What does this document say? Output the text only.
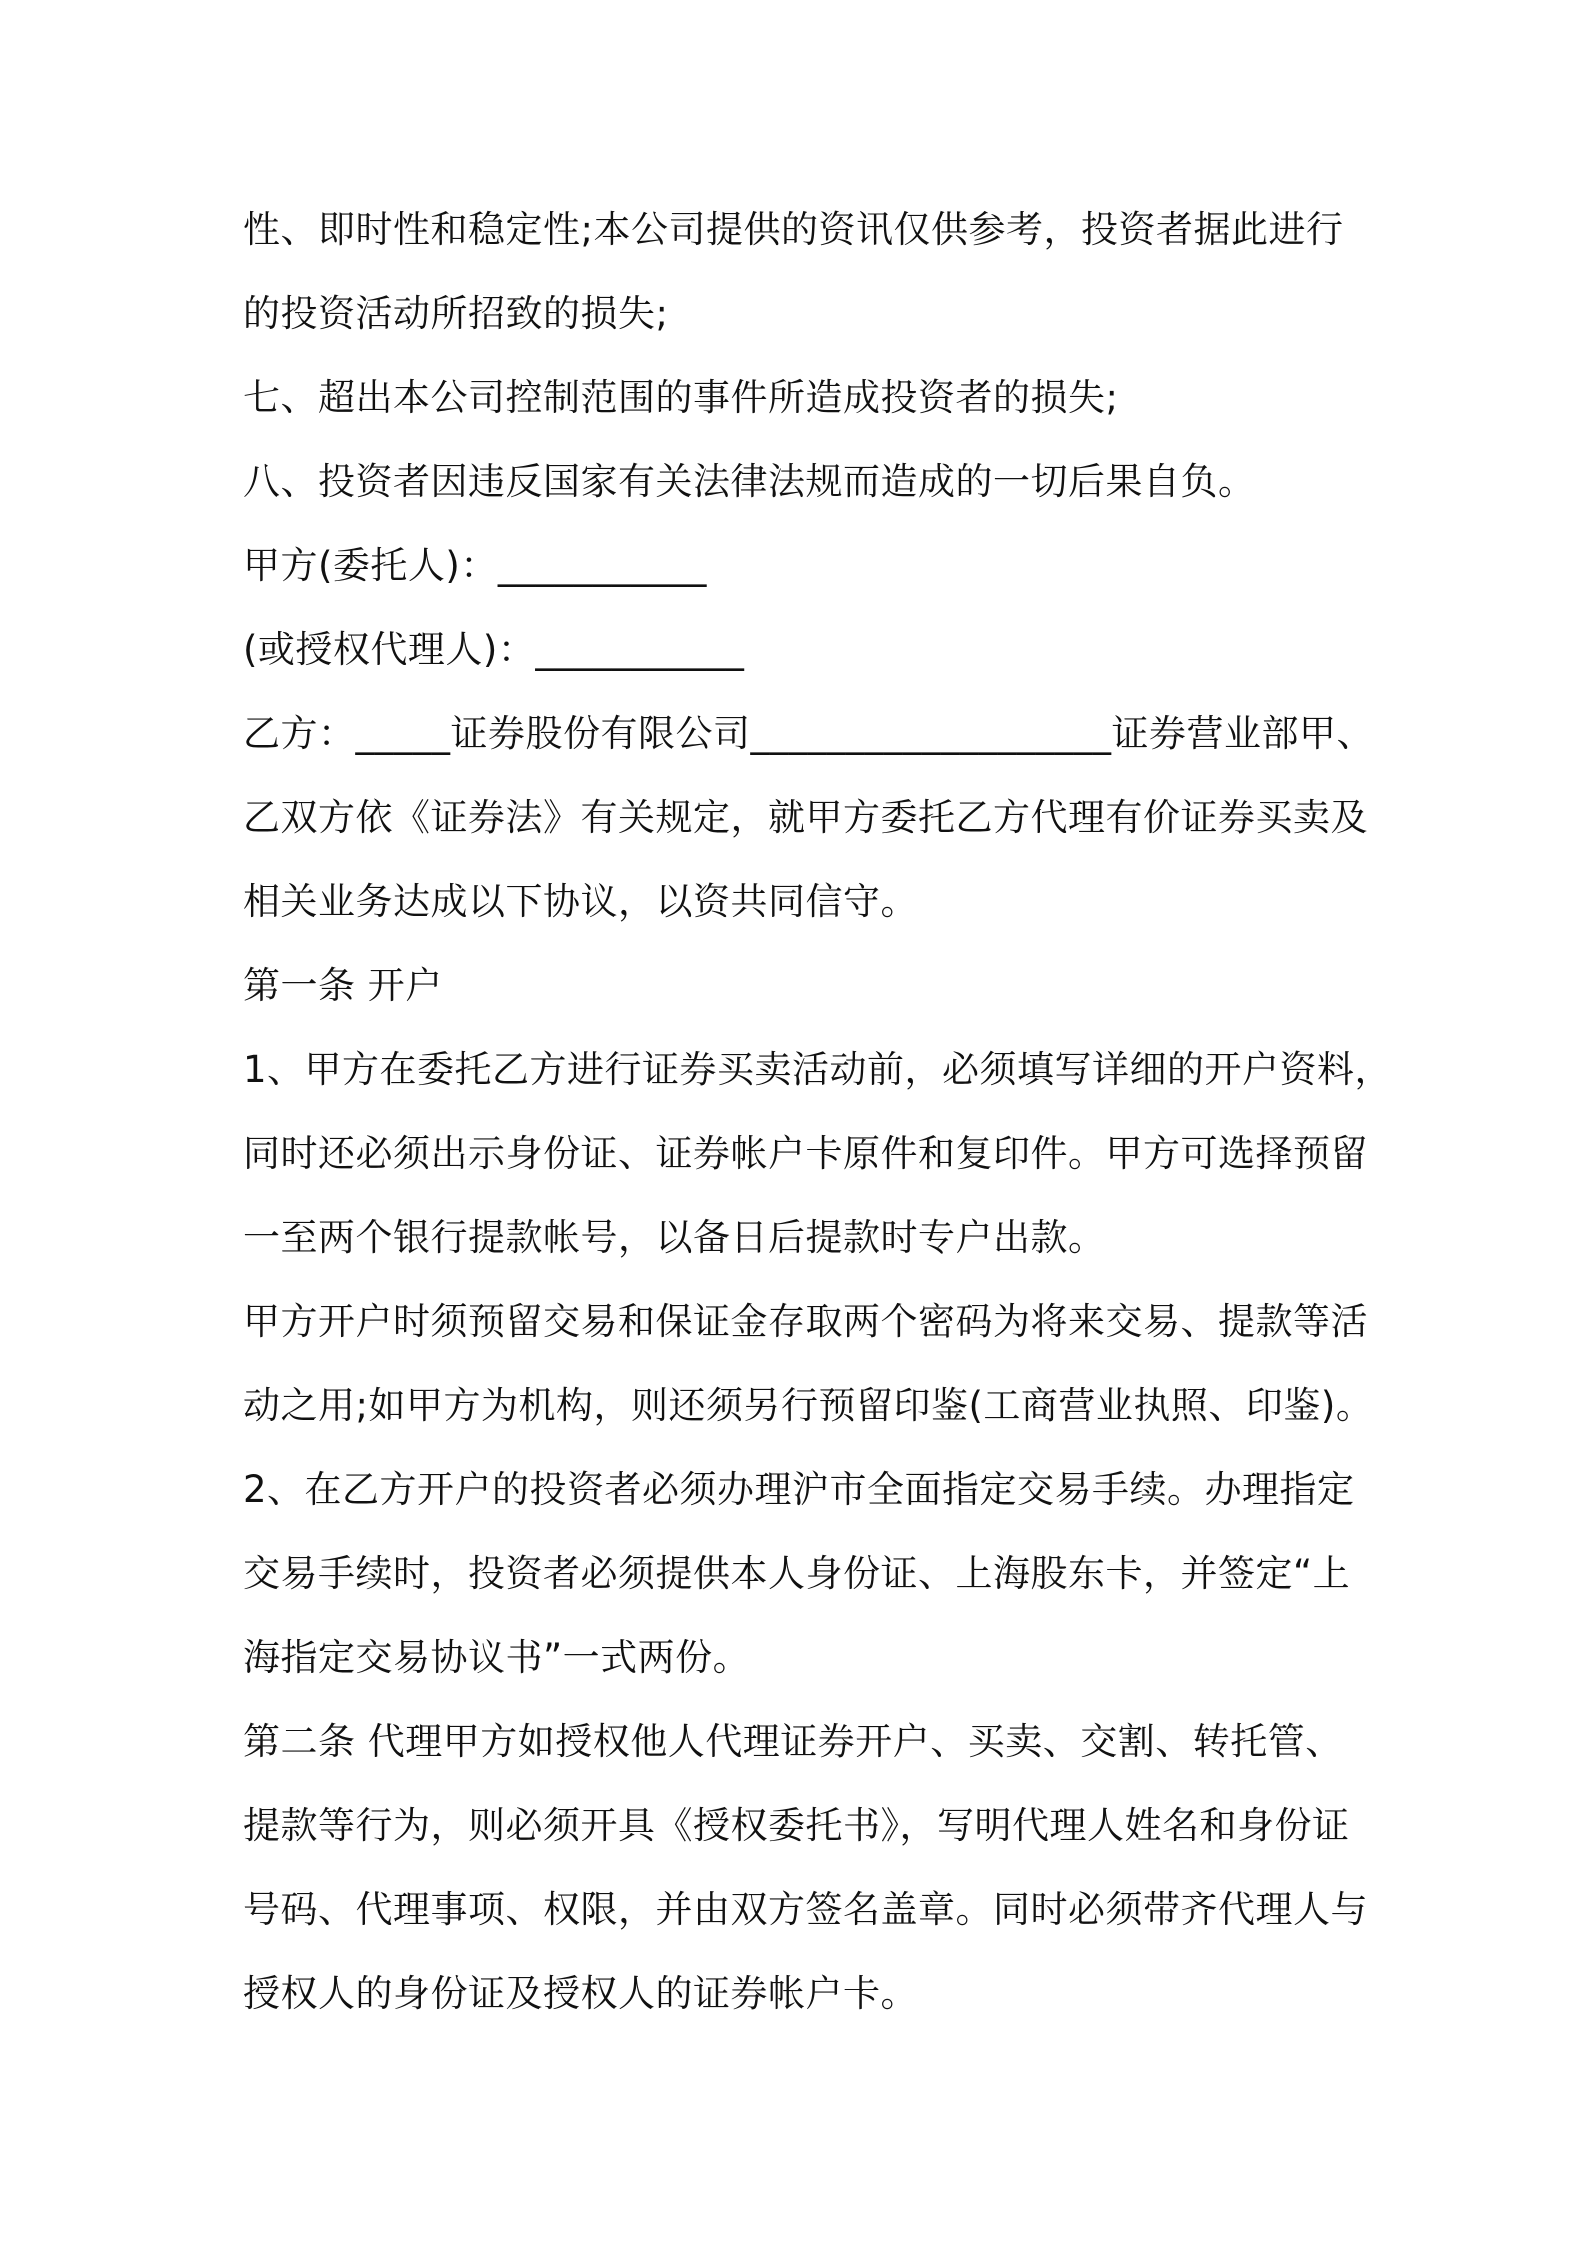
性、即时性和稳定性;本公司提供的资讯仅供参考，投资者据此进行
的投资活动所招致的损失;
七、超出本公司控制范围的事件所造成投资者的损失;
八、投资者因违反国家有关法律法规而造成的一切后果自负。
甲方(委托人)：___________
(或授权代理人)：___________
乙方：_____证券股份有限公司___________________证券营业部甲、
乙双方依《证券法》有关规定，就甲方委托乙方代理有价证券买卖及
相关业务达成以下协议，以资共同信守。
第一条 开户
1、甲方在委托乙方进行证券买卖活动前，必须填写详细的开户资料，
同时还必须出示身份证、证券帐户卡原件和复印件。甲方可选择预留
一至两个银行提款帐号，以备日后提款时专户出款。
甲方开户时须预留交易和保证金存取两个密码为将来交易、提款等活
动之用;如甲方为机构，则还须另行预留印鉴(工商营业执照、印鉴)。
2、在乙方开户的投资者必须办理沪市全面指定交易手续。办理指定
交易手续时，投资者必须提供本人身份证、上海股东卡，并签定“上
海指定交易协议书”一式两份。
第二条 代理甲方如授权他人代理证券开户、买卖、交割、转托管、
提款等行为，则必须开具《授权委托书》，写明代理人姓名和身份证
号码、代理事项、权限，并由双方签名盖章。同时必须带齐代理人与
授权人的身份证及授权人的证券帐户卡。
